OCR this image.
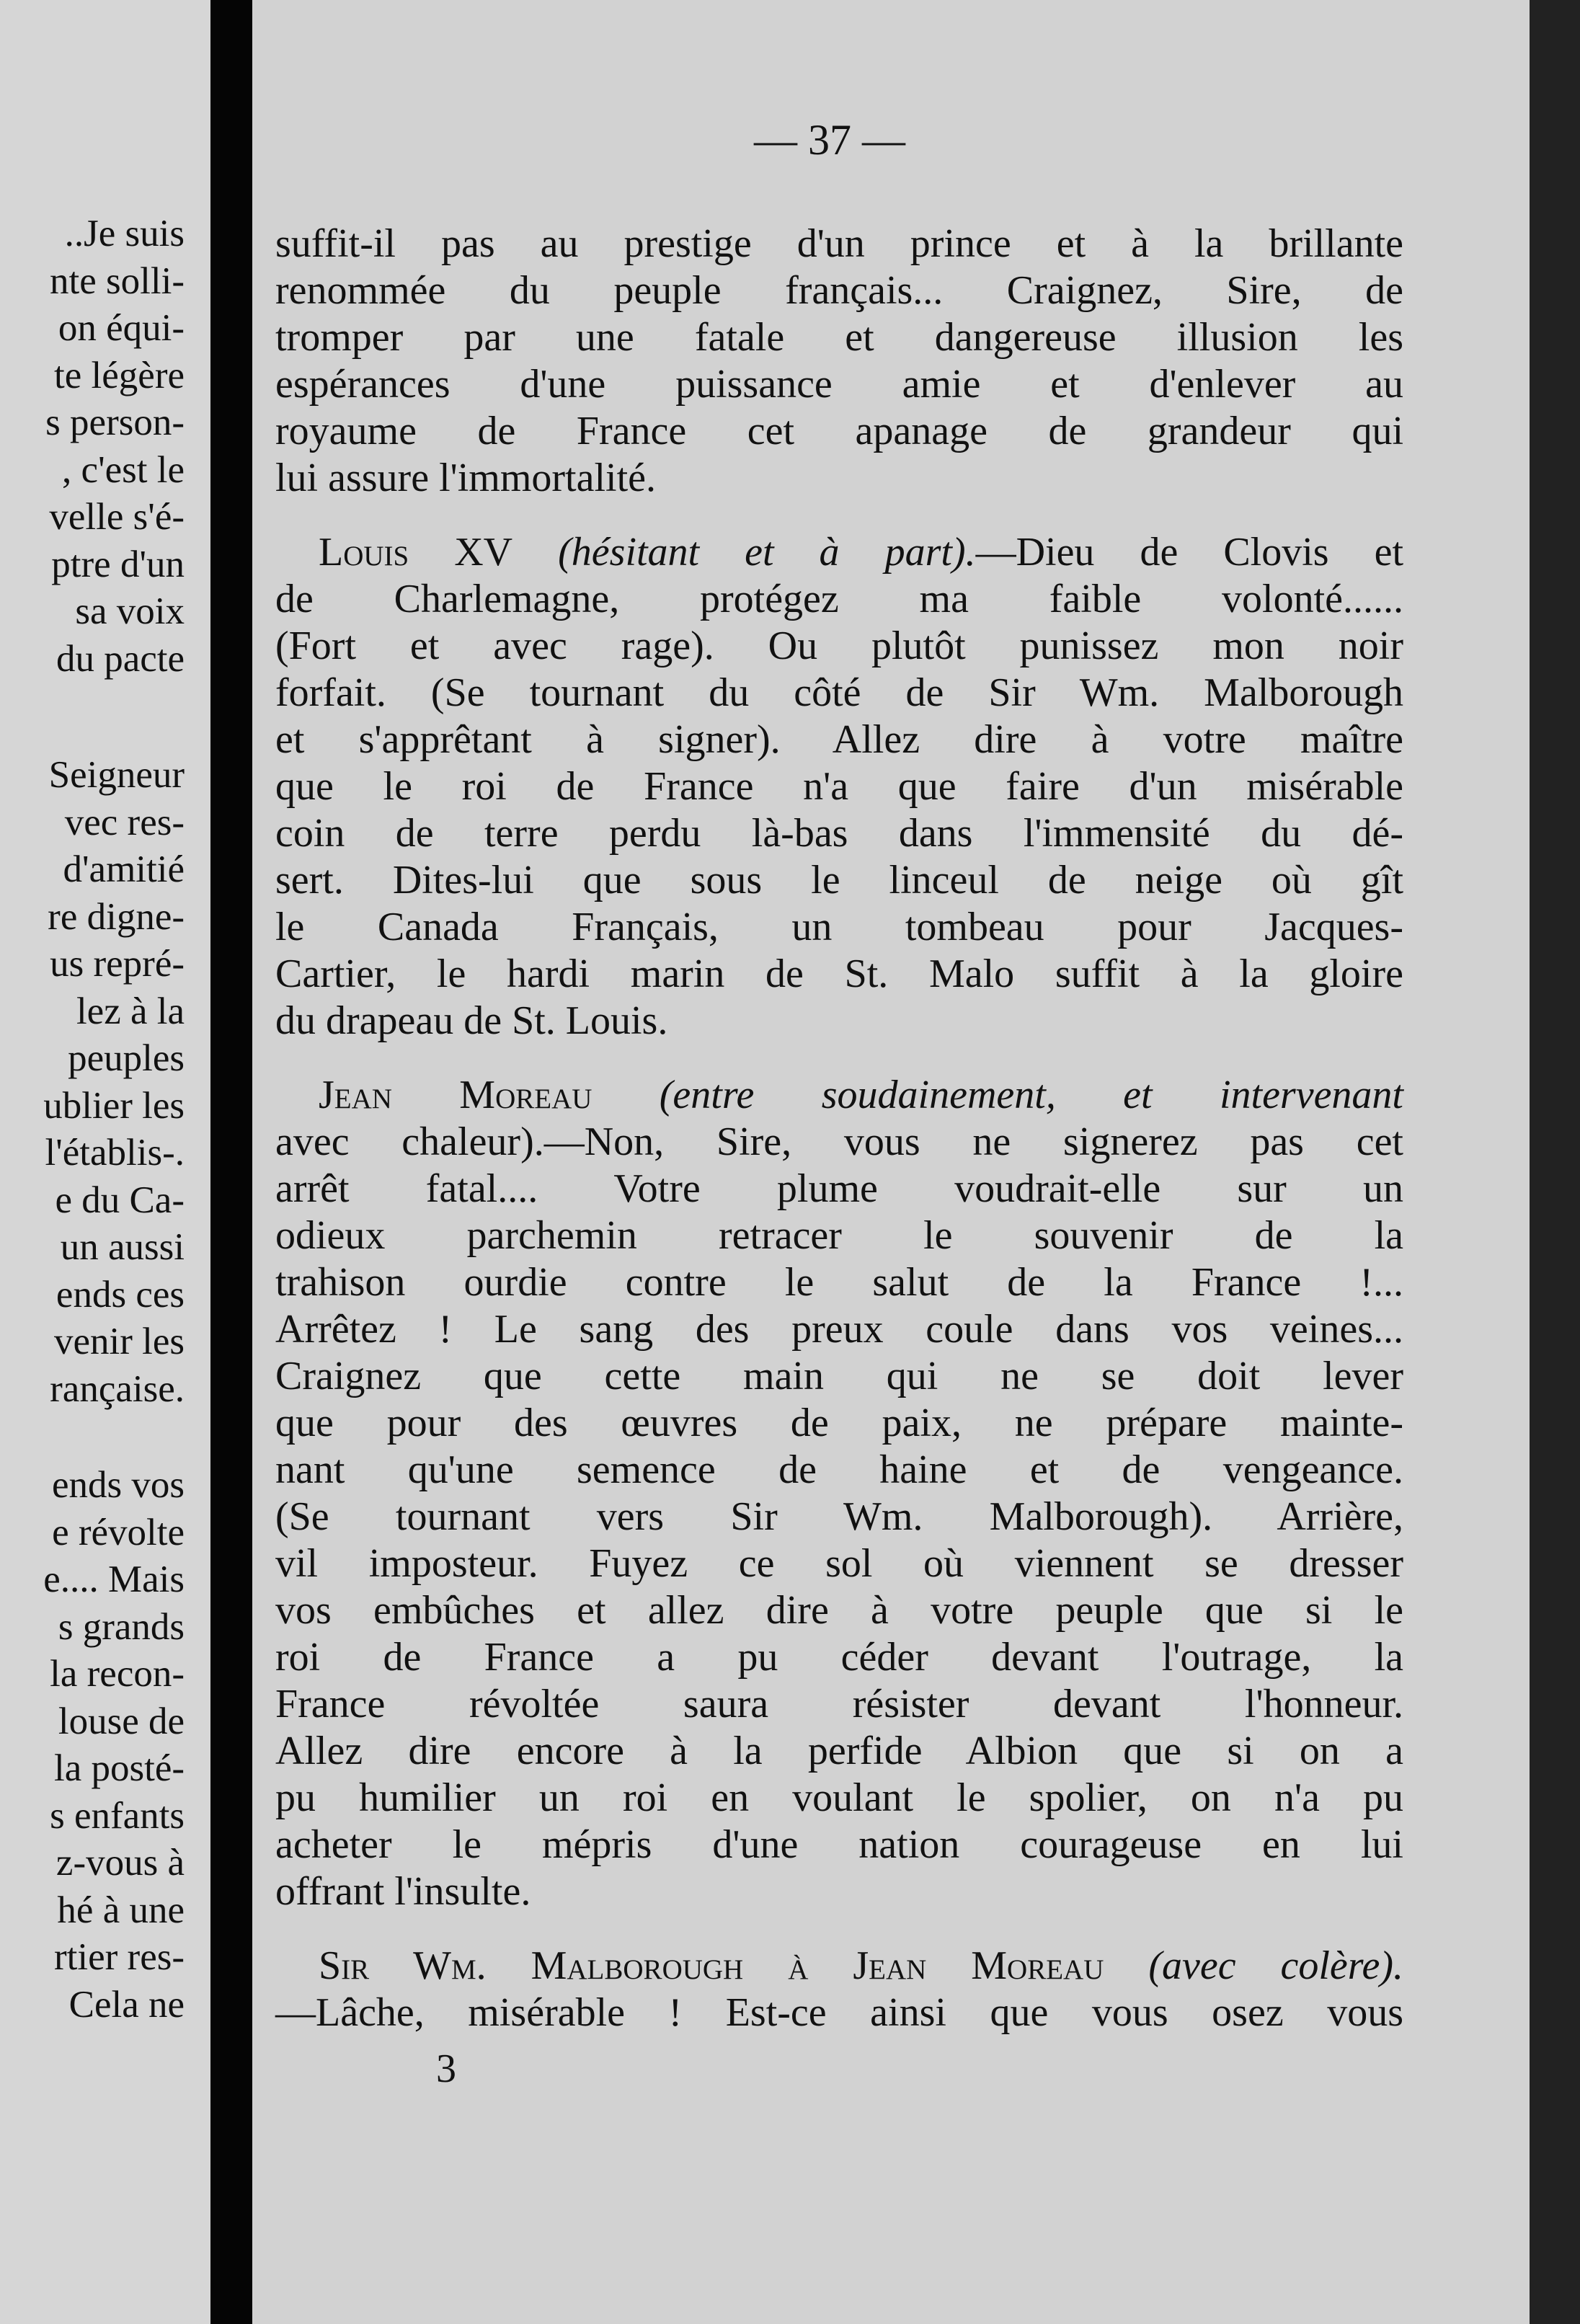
..Je suis
nte solli-
on équi-
te légère
s person-
, c'est le
velle s'é-
ptre d'un
sa voix
du pacte
Seigneur
vec res-
d'amitié
re digne-
us repré-
lez à la
peuples
ublier les
l'établis-.
e du Ca-
un aussi
ends ces
venir les
rançaise.
ends vos
e révolte
e.... Mais
s grands
la recon-
louse de
la posté-
s enfants
z-vous à
hé à une
rtier res-
Cela ne
— 37 —
suffit-il pas au prestige d'un prince et à la brillante
renommée du peuple français... Craignez, Sire, de
tromper par une fatale et dangereuse illusion les
espérances d'une puissance amie et d'enlever au
royaume de France cet apanage de grandeur qui
lui assure l'immortalité.
Louis XV (hésitant et à part).—Dieu de Clovis et
de Charlemagne, protégez ma faible volonté......
(Fort et avec rage). Ou plutôt punissez mon noir
forfait. (Se tournant du côté de Sir Wm. Malborough
et s'apprêtant à signer). Allez dire à votre maître
que le roi de France n'a que faire d'un misérable
coin de terre perdu là-bas dans l'immensité du dé-
sert. Dites-lui que sous le linceul de neige où gît
le Canada Français, un tombeau pour Jacques-
Cartier, le hardi marin de St. Malo suffit à la gloire
du drapeau de St. Louis.
Jean Moreau (entre soudainement, et intervenant
avec chaleur).—Non, Sire, vous ne signerez pas cet
arrêt fatal.... Votre plume voudrait-elle sur un
odieux parchemin retracer le souvenir de la
trahison ourdie contre le salut de la France !...
Arrêtez ! Le sang des preux coule dans vos veines...
Craignez que cette main qui ne se doit lever
que pour des œuvres de paix, ne prépare mainte-
nant qu'une semence de haine et de vengeance.
(Se tournant vers Sir Wm. Malborough). Arrière,
vil imposteur. Fuyez ce sol où viennent se dresser
vos embûches et allez dire à votre peuple que si le
roi de France a pu céder devant l'outrage, la
France révoltée saura résister devant l'honneur.
Allez dire encore à la perfide Albion que si on a
pu humilier un roi en voulant le spolier, on n'a pu
acheter le mépris d'une nation courageuse en lui
offrant l'insulte.
Sir Wm. Malborough à Jean Moreau (avec colère).
—Lâche, misérable ! Est-ce ainsi que vous osez vous
3
